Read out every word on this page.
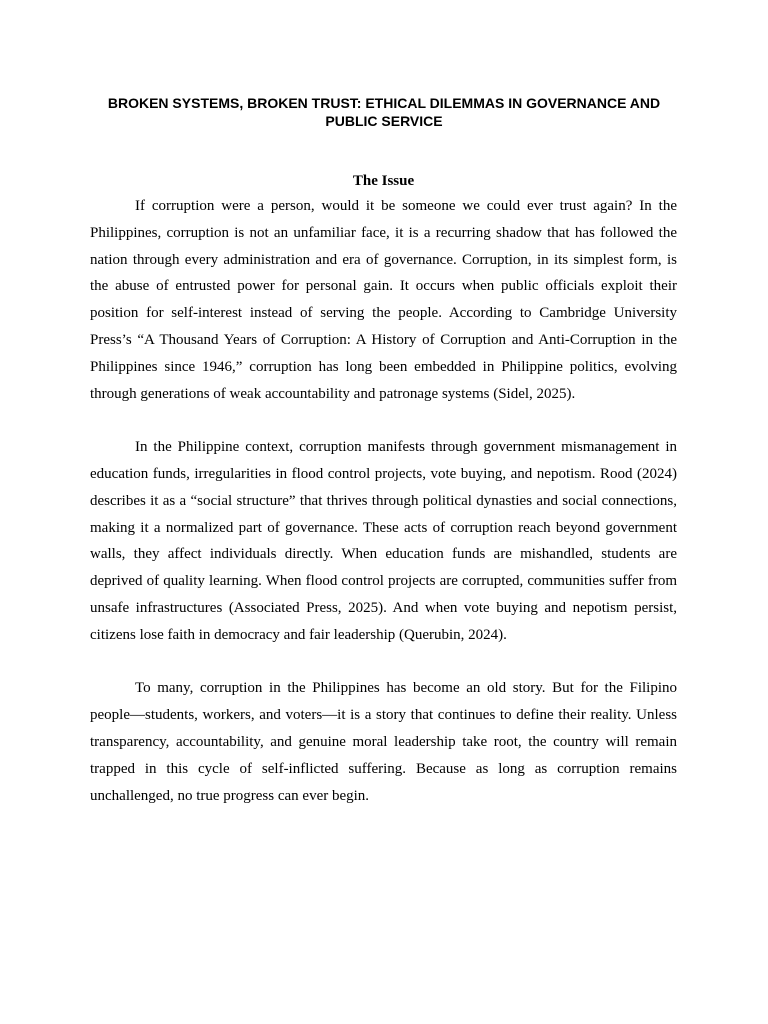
BROKEN SYSTEMS, BROKEN TRUST: ETHICAL DILEMMAS IN GOVERNANCE AND PUBLIC SERVICE
The Issue

If corruption were a person, would it be someone we could ever trust again? In the Philippines, corruption is not an unfamiliar face, it is a recurring shadow that has followed the nation through every administration and era of governance. Corruption, in its simplest form, is the abuse of entrusted power for personal gain. It occurs when public officials exploit their position for self-interest instead of serving the people. According to Cambridge University Press’s “A Thousand Years of Corruption: A History of Corruption and Anti-Corruption in the Philippines since 1946,” corruption has long been embedded in Philippine politics, evolving through generations of weak accountability and patronage systems (Sidel, 2025).

In the Philippine context, corruption manifests through government mismanagement in education funds, irregularities in flood control projects, vote buying, and nepotism. Rood (2024) describes it as a “social structure” that thrives through political dynasties and social connections, making it a normalized part of governance. These acts of corruption reach beyond government walls, they affect individuals directly. When education funds are mishandled, students are deprived of quality learning. When flood control projects are corrupted, communities suffer from unsafe infrastructures (Associated Press, 2025). And when vote buying and nepotism persist, citizens lose faith in democracy and fair leadership (Querubin, 2024).

To many, corruption in the Philippines has become an old story. But for the Filipino people—students, workers, and voters—it is a story that continues to define their reality. Unless transparency, accountability, and genuine moral leadership take root, the country will remain trapped in this cycle of self-inflicted suffering. Because as long as corruption remains unchallenged, no true progress can ever begin.
